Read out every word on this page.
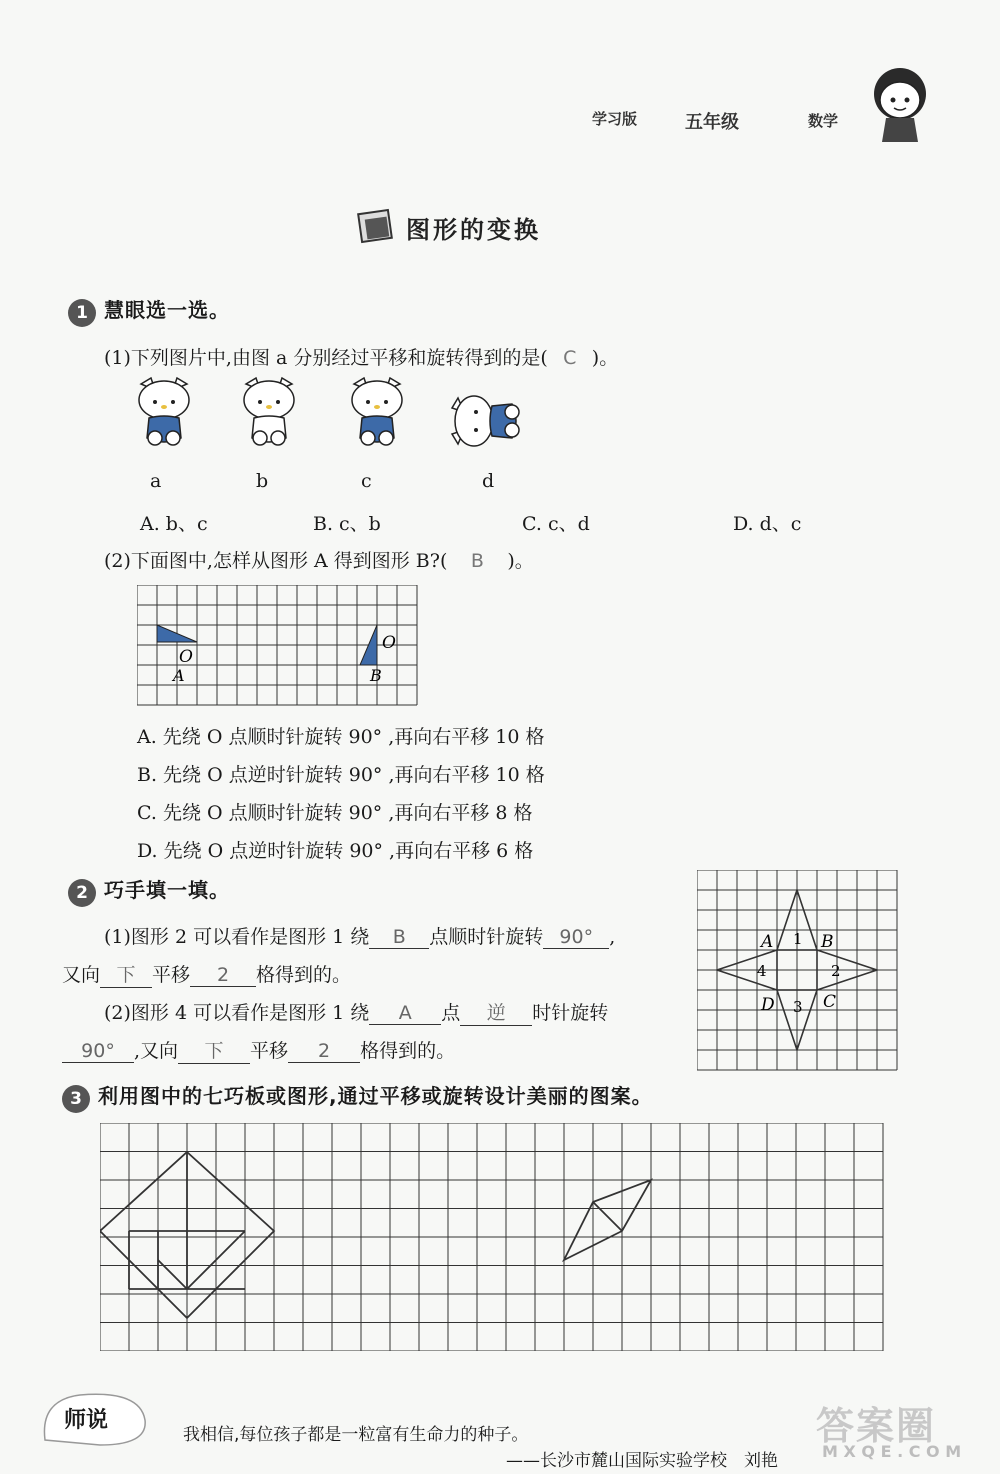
学习版	五年级	数学
图形的变换
1 慧眼选一选。
(1)下列图片中,由图 a 分别经过平移和旋转得到的是( C )。
a	b	c	d
A. b、c	B. c、b	C. c、d	D. d、c
(2)下面图中,怎样从图形 A 得到图形 B?( B )。
O
A
O
B
A. 先绕 O 点顺时针旋转 90° ,再向右平移 10 格
B. 先绕 O 点逆时针旋转 90° ,再向右平移 10 格
C. 先绕 O 点顺时针旋转 90° ,再向右平移 8 格
D. 先绕 O 点逆时针旋转 90° ,再向右平移 6 格
2 巧手填一填。
(1)图形 2 可以看作是图形 1 绕 B 点顺时针旋转 90° ,
又向 下 平移 2 格得到的。
(2)图形 4 可以看作是图形 1 绕 A 点 逆 时针旋转
90° ,又向 下 平移 2 格得到的。
A	B
C
D
1
2
3
4
3 利用图中的七巧板或图形,通过平移或旋转设计美丽的图案。
师说
我相信,每位孩子都是一粒富有生命力的种子。
——长沙市麓山国际实验学校　刘艳
答案圈
M X Q E . C O M
